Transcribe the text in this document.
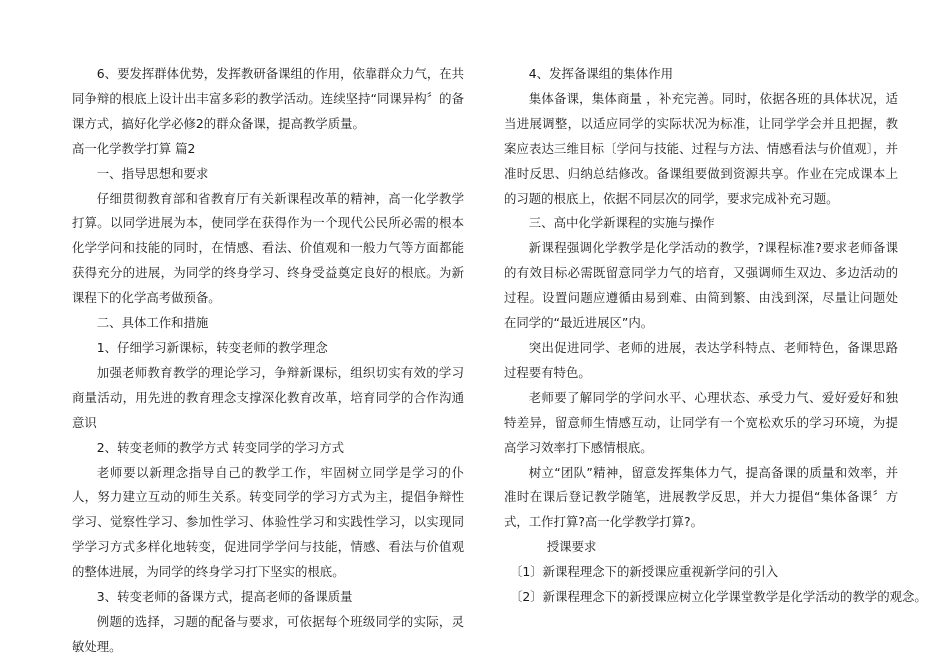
6、要发挥群体优势，发挥教研备课组的作用，依靠群众力气，在共同争辩的根底上设计出丰富多彩的教学活动。连续坚持“同课异构〞的备课方式，搞好化学必修2的群众备课，提高教学质量。

高一化学教学打算 篇2

一、指导思想和要求

仔细贯彻教育部和省教育厅有关新课程改革的精神，高一化学教学打算。以同学进展为本，使同学在获得作为一个现代公民所必需的根本化学学问和技能的同时，在情感、看法、价值观和一般力气等方面都能获得充分的进展，为同学的终身学习、终身受益奠定良好的根底。为新课程下的化学高考做预备。

二、具体工作和措施

1、仔细学习新课标，转变老师的教学理念

加强老师教育教学的理论学习，争辩新课标，组织切实有效的学习商量活动，用先进的教育理念支撑深化教育改革，培育同学的合作沟通意识

2、转变老师的教学方式 转变同学的学习方式

老师要以新理念指导自己的教学工作，牢固树立同学是学习的仆人，努力建立互动的师生关系。转变同学的学习方式为主，提倡争辩性学习、觉察性学习、参加性学习、体验性学习和实践性学习，以实现同学学习方式多样化地转变，促进同学学问与技能，情感、看法与价值观的整体进展，为同学的终身学习打下坚实的根底。

3、转变老师的备课方式，提高老师的备课质量

例题的选择，习题的配备与要求，可依据每个班级同学的实际，灵敏处理。

4、发挥备课组的集体作用

集体备课，集体商量 ，补充完善。同时，依据各班的具体状况，适当进展调整，以适应同学的实际状况为标准，让同学学会并且把握，教案应表达三维目标〔学问与技能、过程与方法、情感看法与价值观〕，并准时反思、归纳总结修改。备课组要做到资源共享。作业在完成课本上的习题的根底上，依据不同层次的同学，要求完成补充习题。

三、高中化学新课程的实施与操作

新课程强调化学教学是化学活动的教学，?课程标准?要求老师备课的有效目标必需既留意同学力气的培育，又强调师生双边、多边活动的过程。设置问题应遵循由易到难、由简到繁、由浅到深，尽量让问题处在同学的“最近进展区”内。

突出促进同学、老师的进展，表达学科特点、老师特色，备课思路过程要有特色。

老师要了解同学的学问水平、心理状态、承受力气、爱好爱好和独特差异，留意师生情感互动，让同学有一个宽松欢乐的学习环境，为提高学习效率打下感情根底。

树立“团队”精神，留意发挥集体力气，提高备课的质量和效率，并准时在课后登记教学随笔，进展教学反思，并大力提倡“集体备课〞方式，工作打算?高一化学教学打算?。

授课要求

〔1〕新课程理念下的新授课应重视新学问的引入

〔2〕新课程理念下的新授课应树立化学课堂教学是化学活动的教学的观念。
